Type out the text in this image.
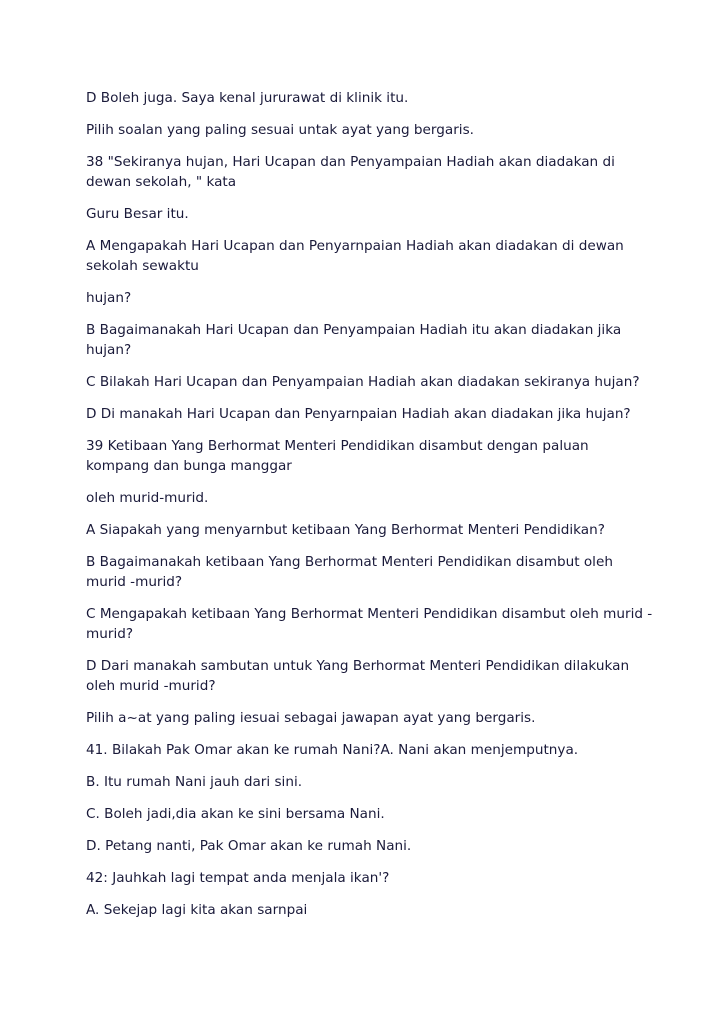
D Boleh juga. Saya kenal jururawat di klinik itu.

Pilih soalan yang paling sesuai untak ayat yang bergaris.

38 "Sekiranya hujan, Hari Ucapan dan Penyampaian Hadiah akan diadakan di dewan sekolah, " kata

Guru Besar itu.

A Mengapakah Hari Ucapan dan Penyarnpaian Hadiah akan diadakan di dewan sekolah sewaktu

hujan?

B Bagaimanakah Hari Ucapan dan Penyampaian Hadiah itu akan diadakan jika hujan?

C Bilakah Hari Ucapan dan Penyampaian Hadiah akan diadakan sekiranya hujan?

D Di manakah Hari Ucapan dan Penyarnpaian Hadiah akan diadakan jika hujan?

39 Ketibaan Yang Berhormat Menteri Pendidikan disambut dengan paluan kompang dan bunga manggar

oleh murid-murid.

A Siapakah yang menyarnbut ketibaan Yang Berhormat Menteri Pendidikan?

B Bagaimanakah ketibaan Yang Berhormat Menteri Pendidikan disambut oleh murid -murid?

C Mengapakah ketibaan Yang Berhormat Menteri Pendidikan disambut oleh murid -murid?

D Dari manakah sambutan untuk Yang Berhormat Menteri Pendidikan dilakukan oleh murid -murid?

Pilih a~at yang paling iesuai sebagai jawapan ayat yang bergaris.

41. Bilakah Pak Omar akan ke rumah Nani?A. Nani akan menjemputnya.

B. Itu rumah Nani jauh dari sini.

C. Boleh jadi,dia akan ke sini bersama Nani.

D. Petang nanti, Pak Omar akan ke rumah Nani.

42: Jauhkah lagi tempat anda menjala ikan'?

A. Sekejap lagi kita akan sarnpai
